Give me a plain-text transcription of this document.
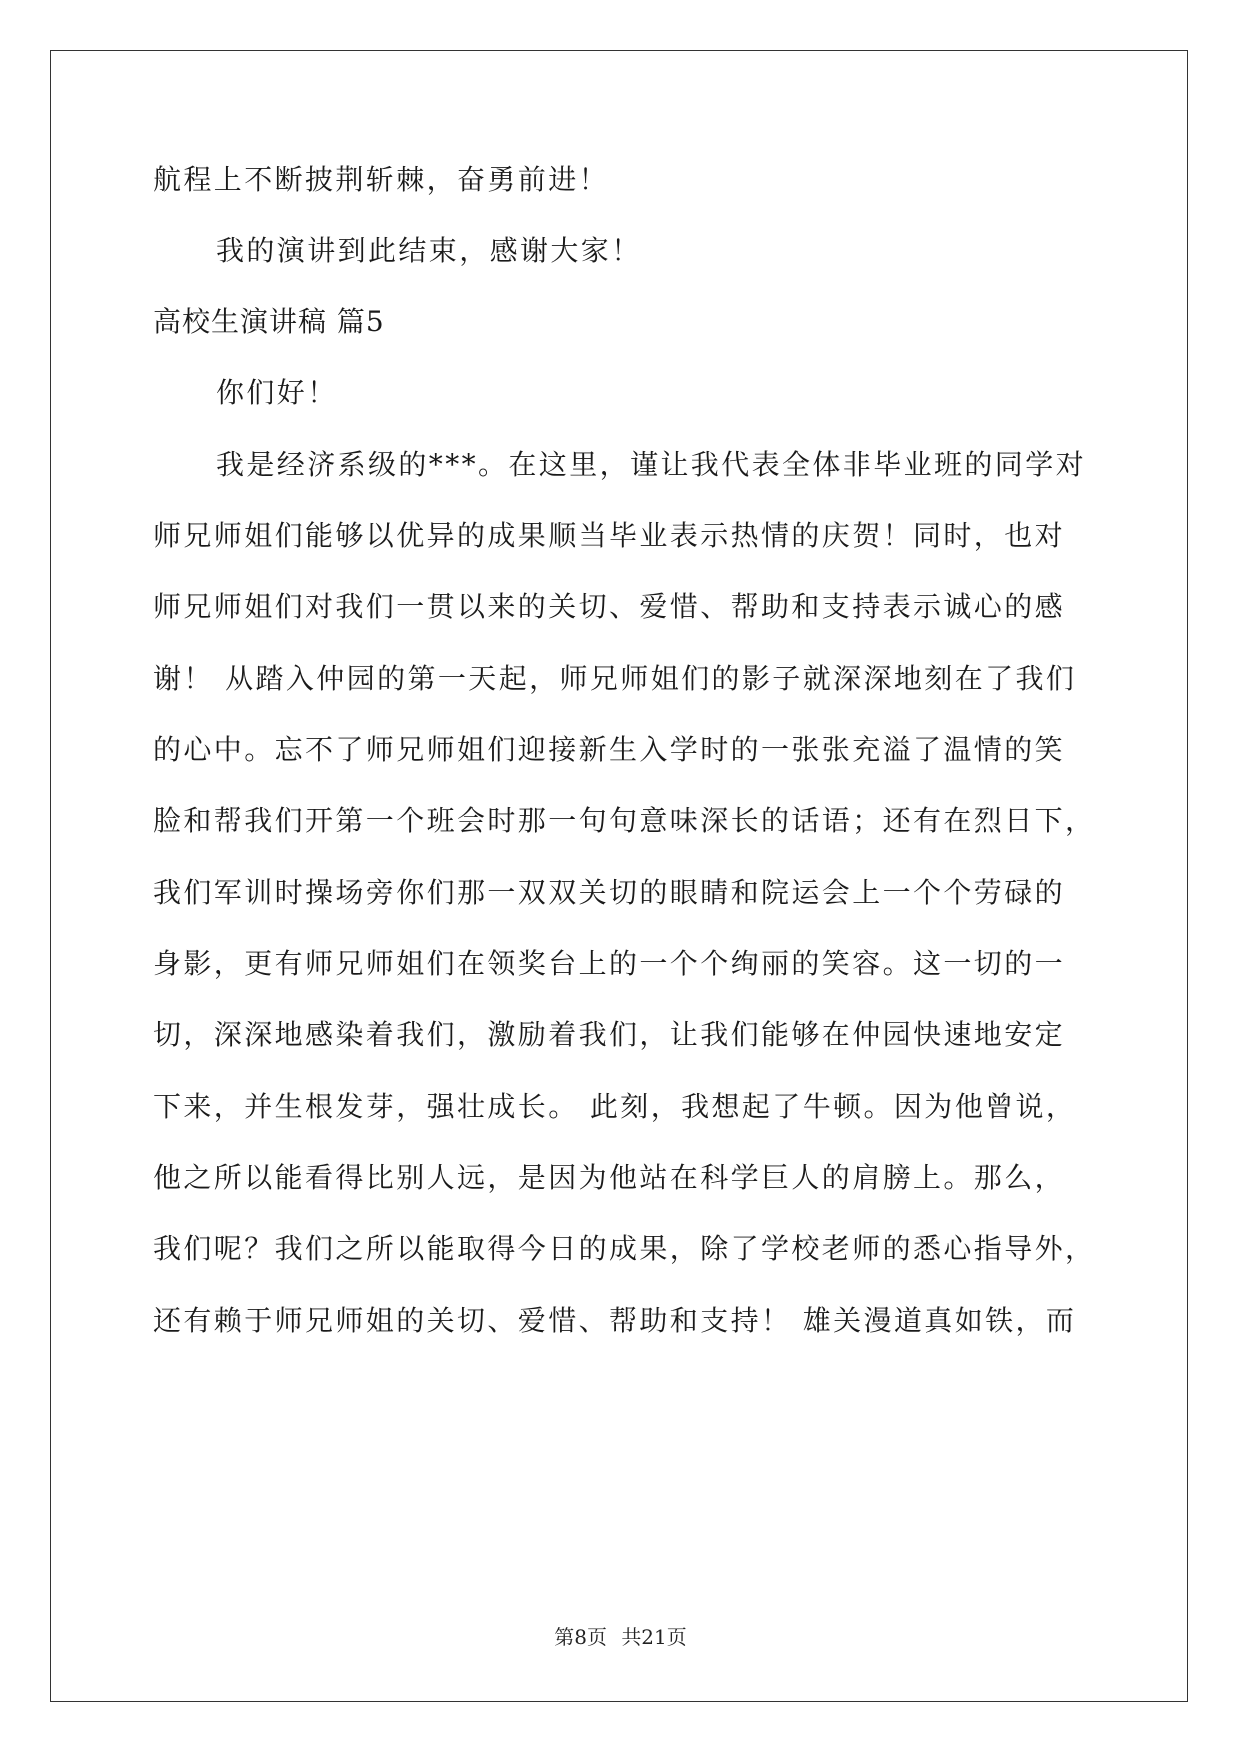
航程上不断披荆斩棘，奋勇前进！
我的演讲到此结束，感谢大家！
高校生演讲稿 篇5
你们好！
我是经济系级的***。在这里，谨让我代表全体非毕业班的同学对
师兄师姐们能够以优异的成果顺当毕业表示热情的庆贺！同时，也对
师兄师姐们对我们一贯以来的关切、爱惜、帮助和支持表示诚心的感
谢！ 从踏入仲园的第一天起，师兄师姐们的影子就深深地刻在了我们
的心中。忘不了师兄师姐们迎接新生入学时的一张张充溢了温情的笑
脸和帮我们开第一个班会时那一句句意味深长的话语；还有在烈日下，
我们军训时操场旁你们那一双双关切的眼睛和院运会上一个个劳碌的
身影，更有师兄师姐们在领奖台上的一个个绚丽的笑容。这一切的一
切，深深地感染着我们，激励着我们，让我们能够在仲园快速地安定
下来，并生根发芽，强壮成长。 此刻，我想起了牛顿。因为他曾说，
他之所以能看得比别人远，是因为他站在科学巨人的肩膀上。那么，
我们呢？我们之所以能取得今日的成果，除了学校老师的悉心指导外，
还有赖于师兄师姐的关切、爱惜、帮助和支持！ 雄关漫道真如铁，而
第8页 共21页
